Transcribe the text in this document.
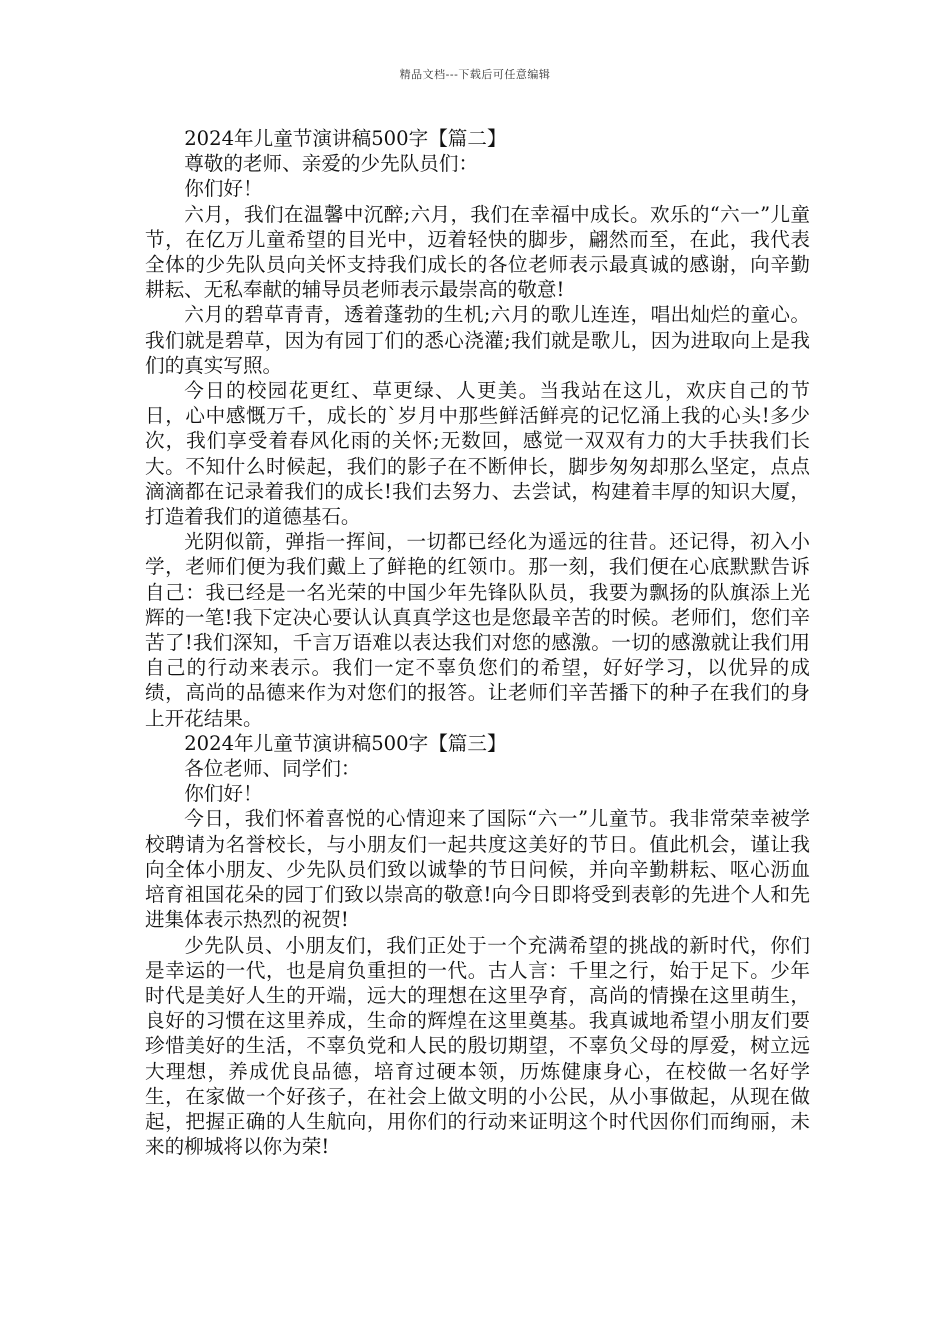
精品文档---下载后可任意编辑

2024年儿童节演讲稿500字【篇二】

尊敬的老师、亲爱的少先队员们：

你们好！

六月，我们在温馨中沉醉;六月，我们在幸福中成长。欢乐的“六一”儿童节，在亿万儿童希望的目光中，迈着轻快的脚步，翩然而至，在此，我代表全体的少先队员向关怀支持我们成长的各位老师表示最真诚的感谢，向辛勤耕耘、无私奉献的辅导员老师表示最崇高的敬意!

六月的碧草青青，透着蓬勃的生机;六月的歌儿连连，唱出灿烂的童心。我们就是碧草，因为有园丁们的悉心浇灌;我们就是歌儿，因为进取向上是我们的真实写照。

今日的校园花更红、草更绿、人更美。当我站在这儿，欢庆自己的节日，心中感慨万千，成长的`岁月中那些鲜活鲜亮的记忆涌上我的心头!多少次，我们享受着春风化雨的关怀;无数回，感觉一双双有力的大手扶我们长大。不知什么时候起，我们的影子在不断伸长，脚步匆匆却那么坚定，点点滴滴都在记录着我们的成长!我们去努力、去尝试，构建着丰厚的知识大厦，打造着我们的道德基石。

光阴似箭，弹指一挥间，一切都已经化为遥远的往昔。还记得，初入小学，老师们便为我们戴上了鲜艳的红领巾。那一刻，我们便在心底默默告诉自己：我已经是一名光荣的中国少年先锋队队员，我要为飘扬的队旗添上光辉的一笔!我下定决心要认认真真学这也是您最辛苦的时候。老师们，您们辛苦了!我们深知，千言万语难以表达我们对您的感激。一切的感激就让我们用自己的行动来表示。我们一定不辜负您们的希望，好好学习，以优异的成绩，高尚的品德来作为对您们的报答。让老师们辛苦播下的种子在我们的身上开花结果。

2024年儿童节演讲稿500字【篇三】

各位老师、同学们：

你们好！

今日，我们怀着喜悦的心情迎来了国际“六一”儿童节。我非常荣幸被学校聘请为名誉校长，与小朋友们一起共度这美好的节日。值此机会，谨让我向全体小朋友、少先队员们致以诚挚的节日问候，并向辛勤耕耘、呕心沥血培育祖国花朵的园丁们致以崇高的敬意!向今日即将受到表彰的先进个人和先进集体表示热烈的祝贺!

少先队员、小朋友们，我们正处于一个充满希望的挑战的新时代，你们是幸运的一代，也是肩负重担的一代。古人言：千里之行，始于足下。少年时代是美好人生的开端，远大的理想在这里孕育，高尚的情操在这里萌生，良好的习惯在这里养成，生命的辉煌在这里奠基。我真诚地希望小朋友们要珍惜美好的生活，不辜负党和人民的殷切期望，不辜负父母的厚爱，树立远大理想，养成优良品德，培育过硬本领，历炼健康身心，在校做一名好学生，在家做一个好孩子，在社会上做文明的小公民，从小事做起，从现在做起，把握正确的人生航向，用你们的行动来证明这个时代因你们而绚丽，未来的柳城将以你为荣!
